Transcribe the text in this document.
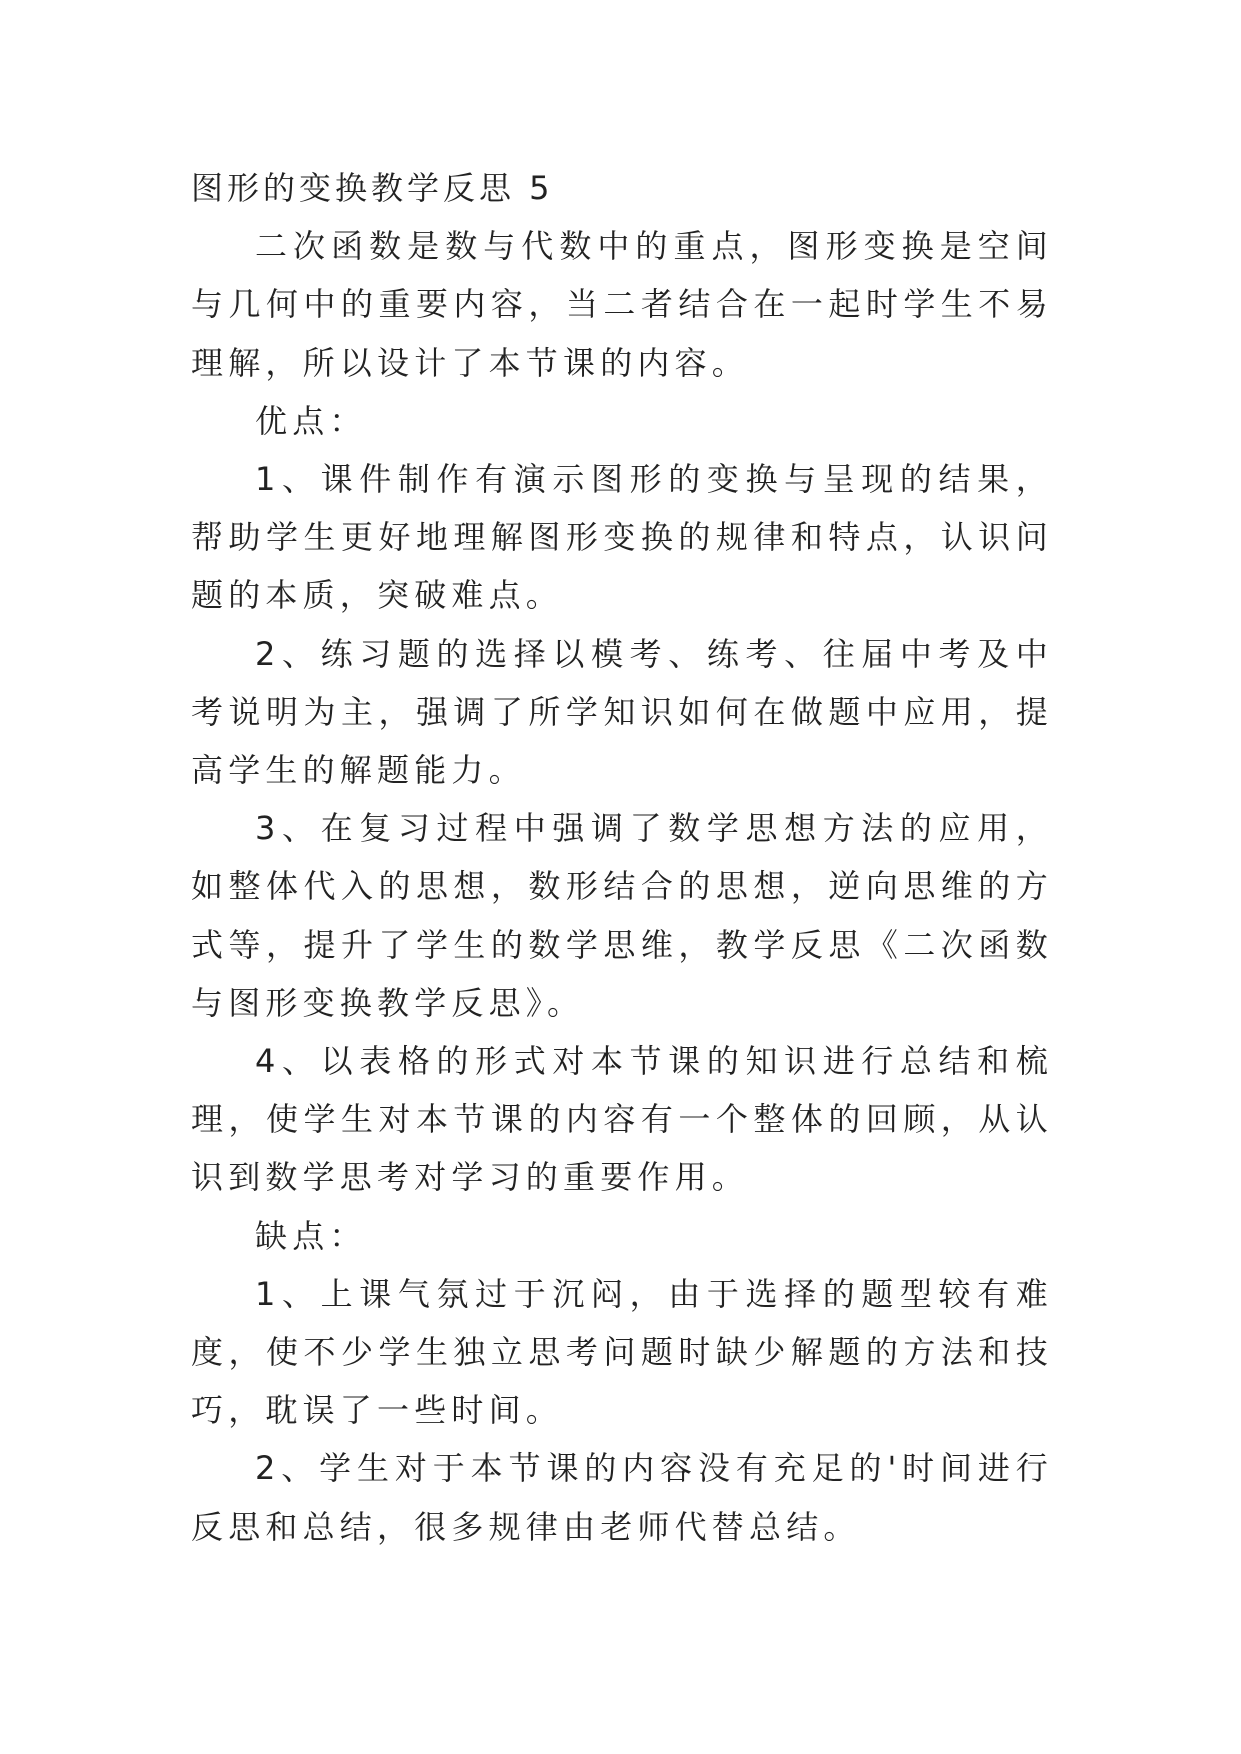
图形的变换教学反思 5

二次函数是数与代数中的重点，图形变换是空间与几何中的重要内容，当二者结合在一起时学生不易理解，所以设计了本节课的内容。

优点：

1、课件制作有演示图形的变换与呈现的结果，帮助学生更好地理解图形变换的规律和特点，认识问题的本质，突破难点。

2、练习题的选择以模考、练考、往届中考及中考说明为主，强调了所学知识如何在做题中应用，提高学生的解题能力。

3、在复习过程中强调了数学思想方法的应用，如整体代入的思想，数形结合的思想，逆向思维的方式等，提升了学生的数学思维，教学反思《二次函数与图形变换教学反思》。

4、以表格的形式对本节课的知识进行总结和梳理，使学生对本节课的内容有一个整体的回顾，从认识到数学思考对学习的重要作用。

缺点：

1、上课气氛过于沉闷，由于选择的题型较有难度，使不少学生独立思考问题时缺少解题的方法和技巧，耽误了一些时间。

2、学生对于本节课的内容没有充足的'时间进行反思和总结，很多规律由老师代替总结。
